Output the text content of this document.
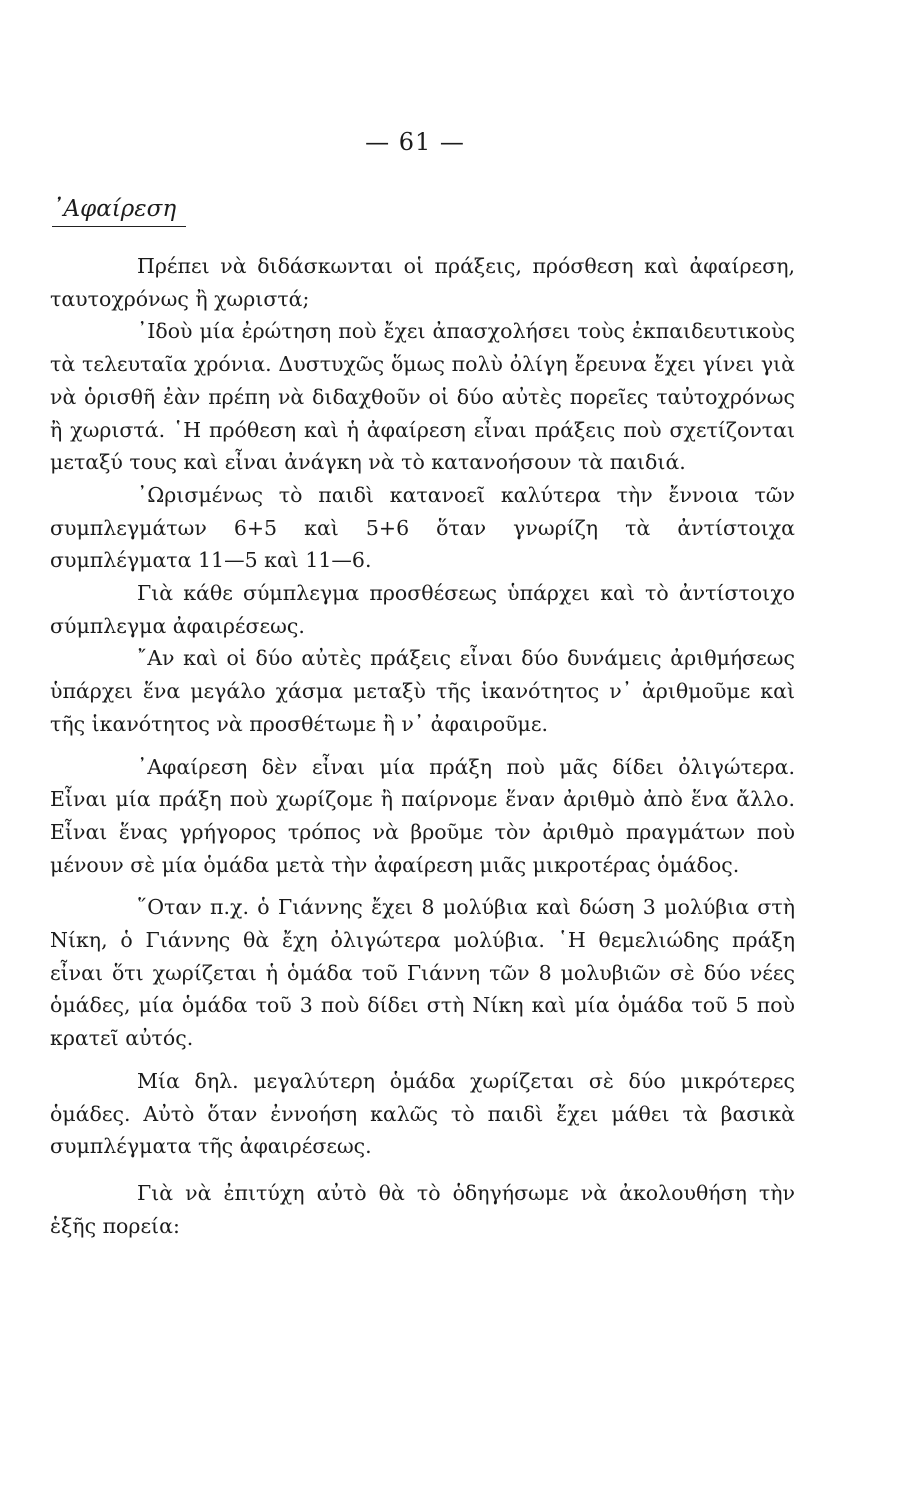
— 61 —
᾿Αφαίρεση

Πρέπει νὰ διδάσκωνται οἱ πράξεις, πρόσθεση καὶ ἀφαίρεση, ταυτοχρόνως ἢ χωριστά;

᾿Ιδοὺ μία ἐρώτηση ποὺ ἔχει ἀπασχολήσει τοὺς ἐκπαιδευτικοὺς τὰ τελευταῖα χρόνια. Δυστυχῶς ὅμως πολὺ ὀλίγη ἔρευνα ἔχει γίνει γιὰ νὰ ὁρισθῆ ἐὰν πρέπη νὰ διδαχθοῦν οἱ δύο αὐτὲς πορεῖες ταὐτοχρόνως ἢ χωριστά. ῾Η πρόθεση καὶ ἡ ἀφαίρεση εἶναι πράξεις ποὺ σχετίζονται μεταξύ τους καὶ εἶναι ἀνάγκη νὰ τὸ κατανοήσουν τὰ παιδιά.

᾿Ωρισμένως τὸ παιδὶ κατανοεῖ καλύτερα τὴν ἔννοια τῶν συμπλεγμάτων 6+5 καὶ 5+6 ὅταν γνωρίζη τὰ ἀντίστοιχα συμπλέγματα 11—5 καὶ 11—6.

Γιὰ κάθε σύμπλεγμα προσθέσεως ὑπάρχει καὶ τὸ ἀντίστοιχο σύμπλεγμα ἀφαιρέσεως.

῎Αν καὶ οἱ δύο αὐτὲς πράξεις εἶναι δύο δυνάμεις ἀριθμήσεως ὑπάρχει ἕνα μεγάλο χάσμα μεταξὺ τῆς ἱκανότητος ν᾿ ἀριθμοῦμε καὶ τῆς ἱκανότητος νὰ προσθέτωμε ἢ ν᾿ ἀφαιροῦμε.

᾿Αφαίρεση δὲν εἶναι μία πράξη ποὺ μᾶς δίδει ὀλιγώτερα. Εἶναι μία πράξη ποὺ χωρίζομε ἢ παίρνομε ἕναν ἀριθμὸ ἀπὸ ἕνα ἄλλο. Εἶναι ἕνας γρήγορος τρόπος νὰ βροῦμε τὸν ἀριθμὸ πραγμάτων ποὺ μένουν σὲ μία ὁμάδα μετὰ τὴν ἀφαίρεση μιᾶς μικροτέρας ὁμάδος.

῞Οταν π.χ. ὁ Γιάννης ἔχει 8 μολύβια καὶ δώση 3 μολύβια στὴ Νίκη, ὁ Γιάννης θὰ ἔχη ὀλιγώτερα μολύβια. ῾Η θεμελιώδης πράξη εἶναι ὅτι χωρίζεται ἡ ὁμάδα τοῦ Γιάννη τῶν 8 μολυβιῶν σὲ δύο νέες ὁμάδες, μία ὁμάδα τοῦ 3 ποὺ δίδει στὴ Νίκη καὶ μία ὁμάδα τοῦ 5 ποὺ κρατεῖ αὐτός.

Μία δηλ. μεγαλύτερη ὁμάδα χωρίζεται σὲ δύο μικρότερες ὁμάδες. Αὐτὸ ὅταν ἐννοήση καλῶς τὸ παιδὶ ἔχει μάθει τὰ βασικὰ συμπλέγματα τῆς ἀφαιρέσεως.

Γιὰ νὰ ἐπιτύχη αὐτὸ θὰ τὸ ὁδηγήσωμε νὰ ἀκολουθήση τὴν ἑξῆς πορεία:
